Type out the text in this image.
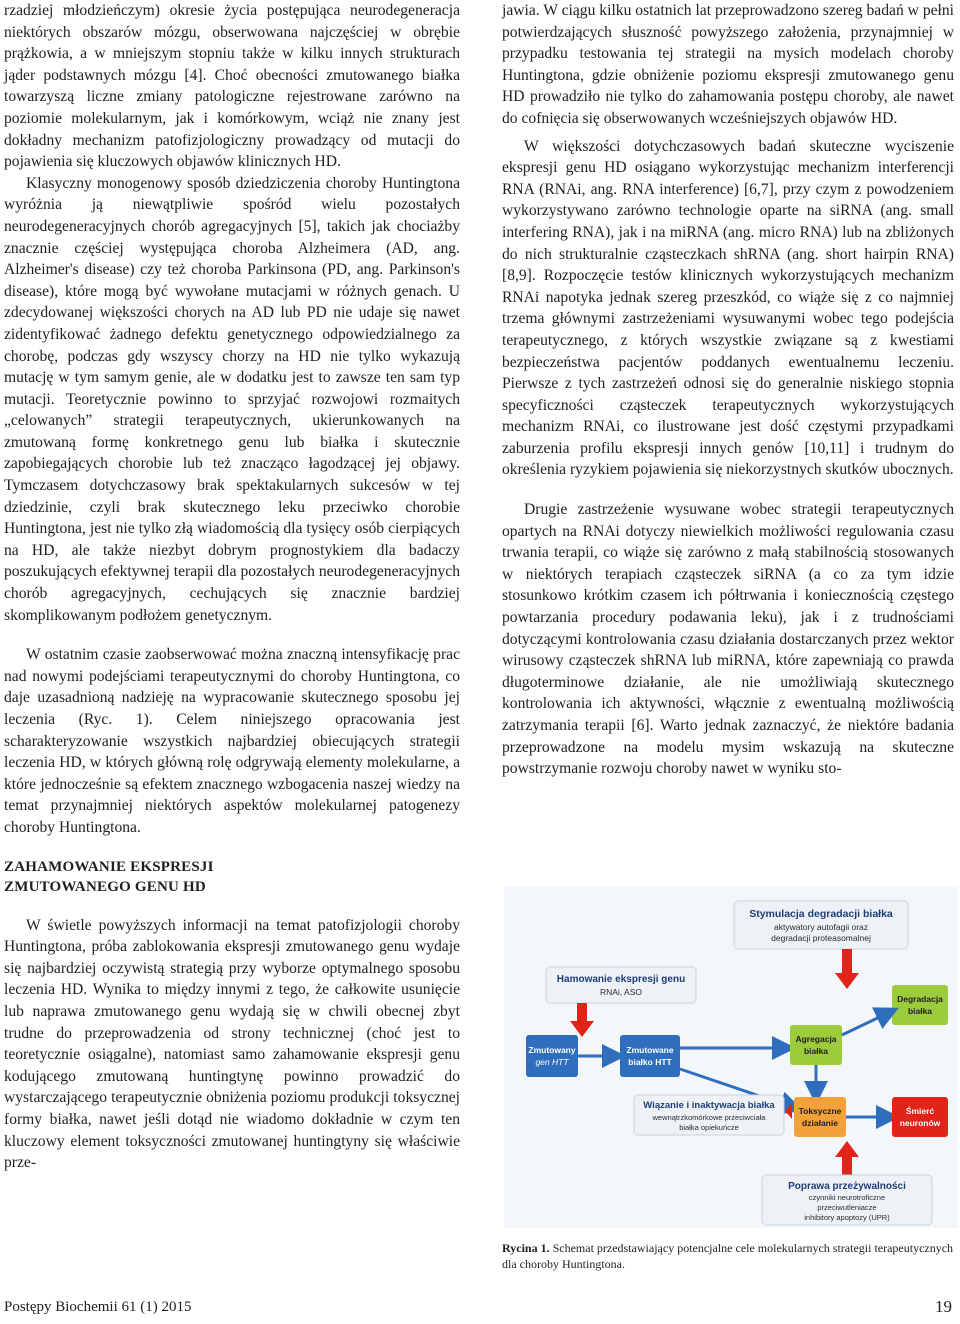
rzadziej młodzieńczym) okresie życia postępująca neurodegeneracja niektórych obszarów mózgu, obserwowana najczęściej w obrębie prążkowia, a w mniejszym stopniu także w kilku innych strukturach jąder podstawnych mózgu [4]. Choć obecności zmutowanego białka towarzyszą liczne zmiany patologiczne rejestrowane zarówno na poziomie molekularnym, jak i komórkowym, wciąż nie znany jest dokładny mechanizm patofizjologiczny prowadzący od mutacji do pojawienia się kluczowych objawów klinicznych HD.

Klasyczny monogenowy sposób dziedziczenia choroby Huntingtona wyróżnia ją niewątpliwie spośród wielu pozostałych neurodegeneracyjnych chorób agregacyjnych [5], takich jak chociażby znacznie częściej występująca choroba Alzheimera (AD, ang. Alzheimer's disease) czy też choroba Parkinsona (PD, ang. Parkinson's disease), które mogą być wywołane mutacjami w różnych genach. U zdecydowanej większości chorych na AD lub PD nie udaje się nawet zidentyfikować żadnego defektu genetycznego odpowiedzialnego za chorobę, podczas gdy wszyscy chorzy na HD nie tylko wykazują mutację w tym samym genie, ale w dodatku jest to zawsze ten sam typ mutacji. Teoretycznie powinno to sprzyjać rozwojowi rozmaitych „celowanych” strategii terapeutycznych, ukierunkowanych na zmutowaną formę konkretnego genu lub białka i skutecznie zapobiegających chorobie lub też znacząco łagodzącej jej objawy. Tymczasem dotychczasowy brak spektakularnych sukcesów w tej dziedzinie, czyli brak skutecznego leku przeciwko chorobie Huntingtona, jest nie tylko złą wiadomością dla tysięcy osób cierpiących na HD, ale także niezbyt dobrym prognostykiem dla badaczy poszukujących efektywnej terapii dla pozostałych neurodegeneracyjnych chorób agregacyjnych, cechujących się znacznie bardziej skomplikowanym podłożem genetycznym.

W ostatnim czasie zaobserwować można znaczną intensyfikację prac nad nowymi podejściami terapeutycznymi do choroby Huntingtona, co daje uzasadnioną nadzieję na wypracowanie skutecznego sposobu jej leczenia (Ryc. 1). Celem niniejszego opracowania jest scharakteryzowanie wszystkich najbardziej obiecujących strategii leczenia HD, w których główną rolę odgrywają elementy molekularne, a które jednocześnie są efektem znacznego wzbogacenia naszej wiedzy na temat przynajmniej niektórych aspektów molekularnej patogenezy choroby Huntingtona.

ZAHAMOWANIE EKSPRESJI
ZMUTOWANEGO GENU HD

W świetle powyższych informacji na temat patofizjologii choroby Huntingtona, próba zablokowania ekspresji zmutowanego genu wydaje się najbardziej oczywistą strategią przy wyborze optymalnego sposobu leczenia HD. Wynika to między innymi z tego, że całkowite usunięcie lub naprawa zmutowanego genu wydają się w chwili obecnej zbyt trudne do przeprowadzenia od strony technicznej (choć jest to teoretycznie osiągalne), natomiast samo zahamowanie ekspresji genu kodującego zmutowaną huntingtynę powinno prowadzić do wystarczającego terapeutycznie obniżenia poziomu produkcji toksycznej formy białka, nawet jeśli dotąd nie wiadomo dokładnie w czym ten kluczowy element toksyczności zmutowanej huntingtyny się właściwie prze-

jawia. W ciągu kilku ostatnich lat przeprowadzono szereg badań w pełni potwierdzających słuszność powyższego założenia, przynajmniej w przypadku testowania tej strategii na mysich modelach choroby Huntingtona, gdzie obniżenie poziomu ekspresji zmutowanego genu HD prowadziło nie tylko do zahamowania postępu choroby, ale nawet do cofnięcia się obserwowanych wcześniejszych objawów HD.

W większości dotychczasowych badań skuteczne wyciszenie ekspresji genu HD osiągano wykorzystując mechanizm interferencji RNA (RNAi, ang. RNA interference) [6,7], przy czym z powodzeniem wykorzystywano zarówno technologie oparte na siRNA (ang. small interfering RNA), jak i na miRNA (ang. micro RNA) lub na zbliżonych do nich strukturalnie cząsteczkach shRNA (ang. short hairpin RNA) [8,9]. Rozpoczęcie testów klinicznych wykorzystujących mechanizm RNAi napotyka jednak szereg przeszkód, co wiąże się z co najmniej trzema głównymi zastrzeżeniami wysuwanymi wobec tego podejścia terapeutycznego, z których wszystkie związane są z kwestiami bezpieczeństwa pacjentów poddanych ewentualnemu leczeniu. Pierwsze z tych zastrzeżeń odnosi się do generalnie niskiego stopnia specyficzności cząsteczek terapeutycznych wykorzystujących mechanizm RNAi, co ilustrowane jest dość częstymi przypadkami zaburzenia profilu ekspresji innych genów [10,11] i trudnym do określenia ryzykiem pojawienia się niekorzystnych skutków ubocznych.

Drugie zastrzeżenie wysuwane wobec strategii terapeutycznych opartych na RNAi dotyczy niewielkich możliwości regulowania czasu trwania terapii, co wiąże się zarówno z małą stabilnością stosowanych w niektórych terapiach cząsteczek siRNA (a co za tym idzie stosunkowo krótkim czasem ich półtrwania i koniecznością częstego powtarzania procedury podawania leku), jak i z trudnościami dotyczącymi kontrolowania czasu działania dostarczanych przez wektor wirusowy cząsteczek shRNA lub miRNA, które zapewniają co prawda długoterminowe działanie, ale nie umożliwiają skutecznego kontrolowania ich aktywności, włącznie z ewentualną możliwością zatrzymania terapii [6]. Warto jednak zaznaczyć, że niektóre badania przeprowadzone na modelu mysim wskazują na skuteczne powstrzymanie rozwoju choroby nawet w wyniku sto-

Stymulacja degradacji białka
aktywatory autofagii oraz
degradacji proteasomalnej
Hamowanie ekspresji genu
RNAi, ASO
Zmutowany
gen HTT
Zmutowane
białko HTT
Agregacja
białka
Degradacja
białka
Wiązanie i inaktywacja białka
wewnątrzkomórkowe przeciwciała
białka opiekuńcze
Toksyczne
działanie
Śmierć
neuronów
Poprawa przeżywalności
czynniki neurotroficzne
przeciwutleniacze
inhibitory apoptozy (UPR)
Rycina 1. Schemat przedstawiający potencjalne cele molekularnych strategii terapeutycznych dla choroby Huntingtona.
Postępy Biochemii 61 (1) 2015	19
